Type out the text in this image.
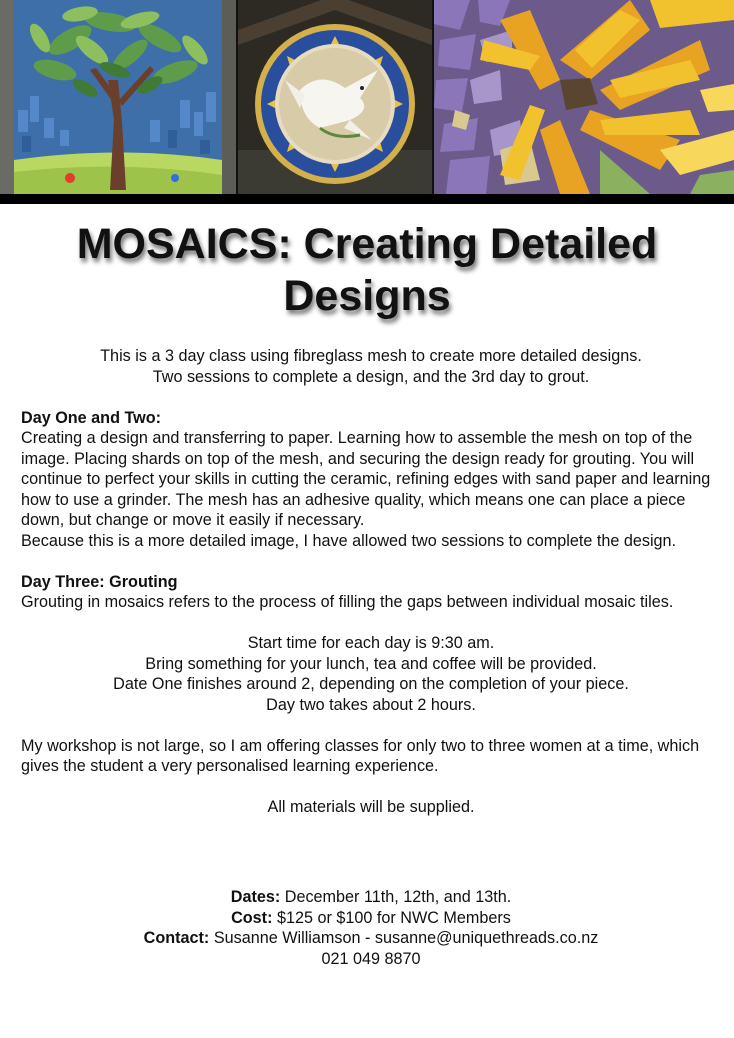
MOSAICS: Creating Detailed Designs

This is a 3 day class using fibreglass mesh to create more detailed designs.

Two sessions to complete a design, and the 3rd day to grout.

Day One and Two:

Creating a design and transferring to paper. Learning how to assemble the mesh on top of the image. Placing shards on top of the mesh, and securing the design ready for grouting. You will continue to perfect your skills in cutting the ceramic, refining edges with sand paper and learning how to use a grinder. The mesh has an adhesive quality, which means one can place a piece down, but change or move it easily if necessary.

Because this is a more detailed image, I have allowed two sessions to complete the design.

Day Three: Grouting

Grouting in mosaics refers to the process of filling the gaps between individual mosaic tiles.

Start time for each day is 9:30 am.

Bring something for your lunch, tea and coffee will be provided.

Date One finishes around 2, depending on the completion of your piece.

Day two takes about 2 hours.

My workshop is not large, so I am offering classes for only two to three women at a time, which gives the student a very personalised learning experience.

All materials will be supplied.

Dates: December 11th, 12th, and 13th.

Cost: $125 or $100 for NWC Members

Contact: Susanne Williamson - susanne@uniquethreads.co.nz

021 049 8870
